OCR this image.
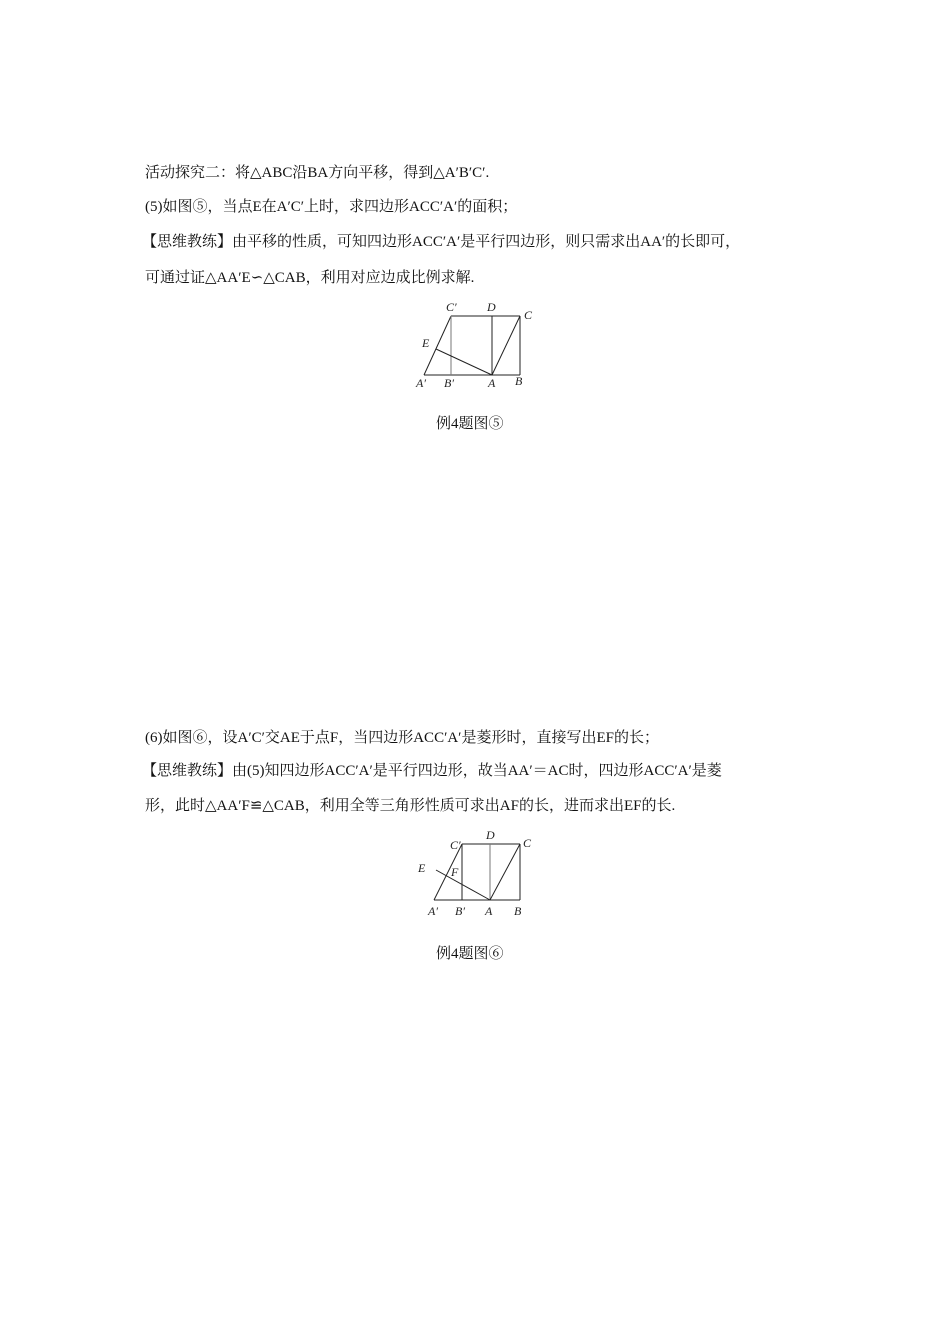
活动探究二：将△ABC沿BA方向平移，得到△A′B′C′.
(5)如图⑤，当点E在A′C′上时，求四边形ACC′A′的面积；
【思维教练】由平移的性质，可知四边形ACC′A′是平行四边形，则只需求出AA′的长即可，
可通过证△AA′E∽△CAB，利用对应边成比例求解.
C′	D
C
E
A′ B′	A B
C′
D
C
E F
A′ B′ A B
例4题图⑤
(6)如图⑥，设A′C′交AE于点F，当四边形ACC′A′是菱形时，直接写出EF的长；
【思维教练】由(5)知四边形ACC′A′是平行四边形，故当AA′＝AC时，四边形ACC′A′是菱
形，此时△AA′F≌△CAB，利用全等三角形性质可求出AF的长，进而求出EF的长.
例4题图⑥
